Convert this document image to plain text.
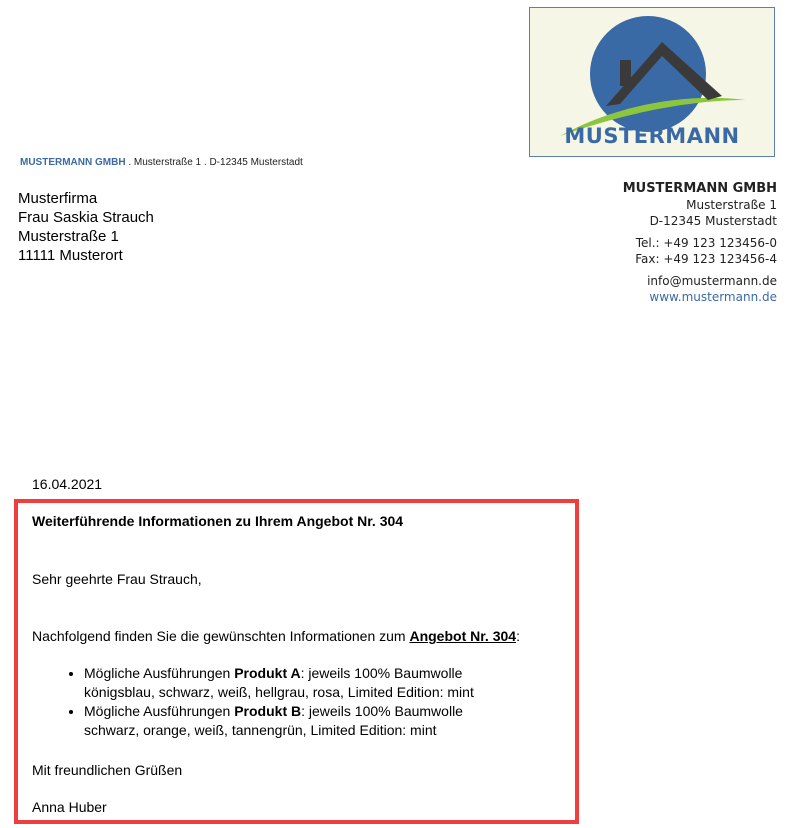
MUSTERMANN
MUSTERMANN GMBH . Musterstraße 1 . D-12345 Musterstadt
Musterfirma
Frau Saskia Strauch
Musterstraße 1
11111 Musterort
MUSTERMANN GMBH
Musterstraße 1
D-12345 Musterstadt
Tel.: +49 123 123456-0
Fax: +49 123 123456-4
info@mustermann.de
www.mustermann.de
16.04.2021
Weiterführende Informationen zu Ihrem Angebot Nr. 304
Sehr geehrte Frau Strauch,
Nachfolgend finden Sie die gewünschten Informationen zum Angebot Nr. 304:
• Mögliche Ausführungen Produkt A: jeweils 100% Baumwolle
königsblau, schwarz, weiß, hellgrau, rosa, Limited Edition: mint
• Mögliche Ausführungen Produkt B: jeweils 100% Baumwolle
schwarz, orange, weiß, tannengrün, Limited Edition: mint
Mit freundlichen Grüßen
Anna Huber
